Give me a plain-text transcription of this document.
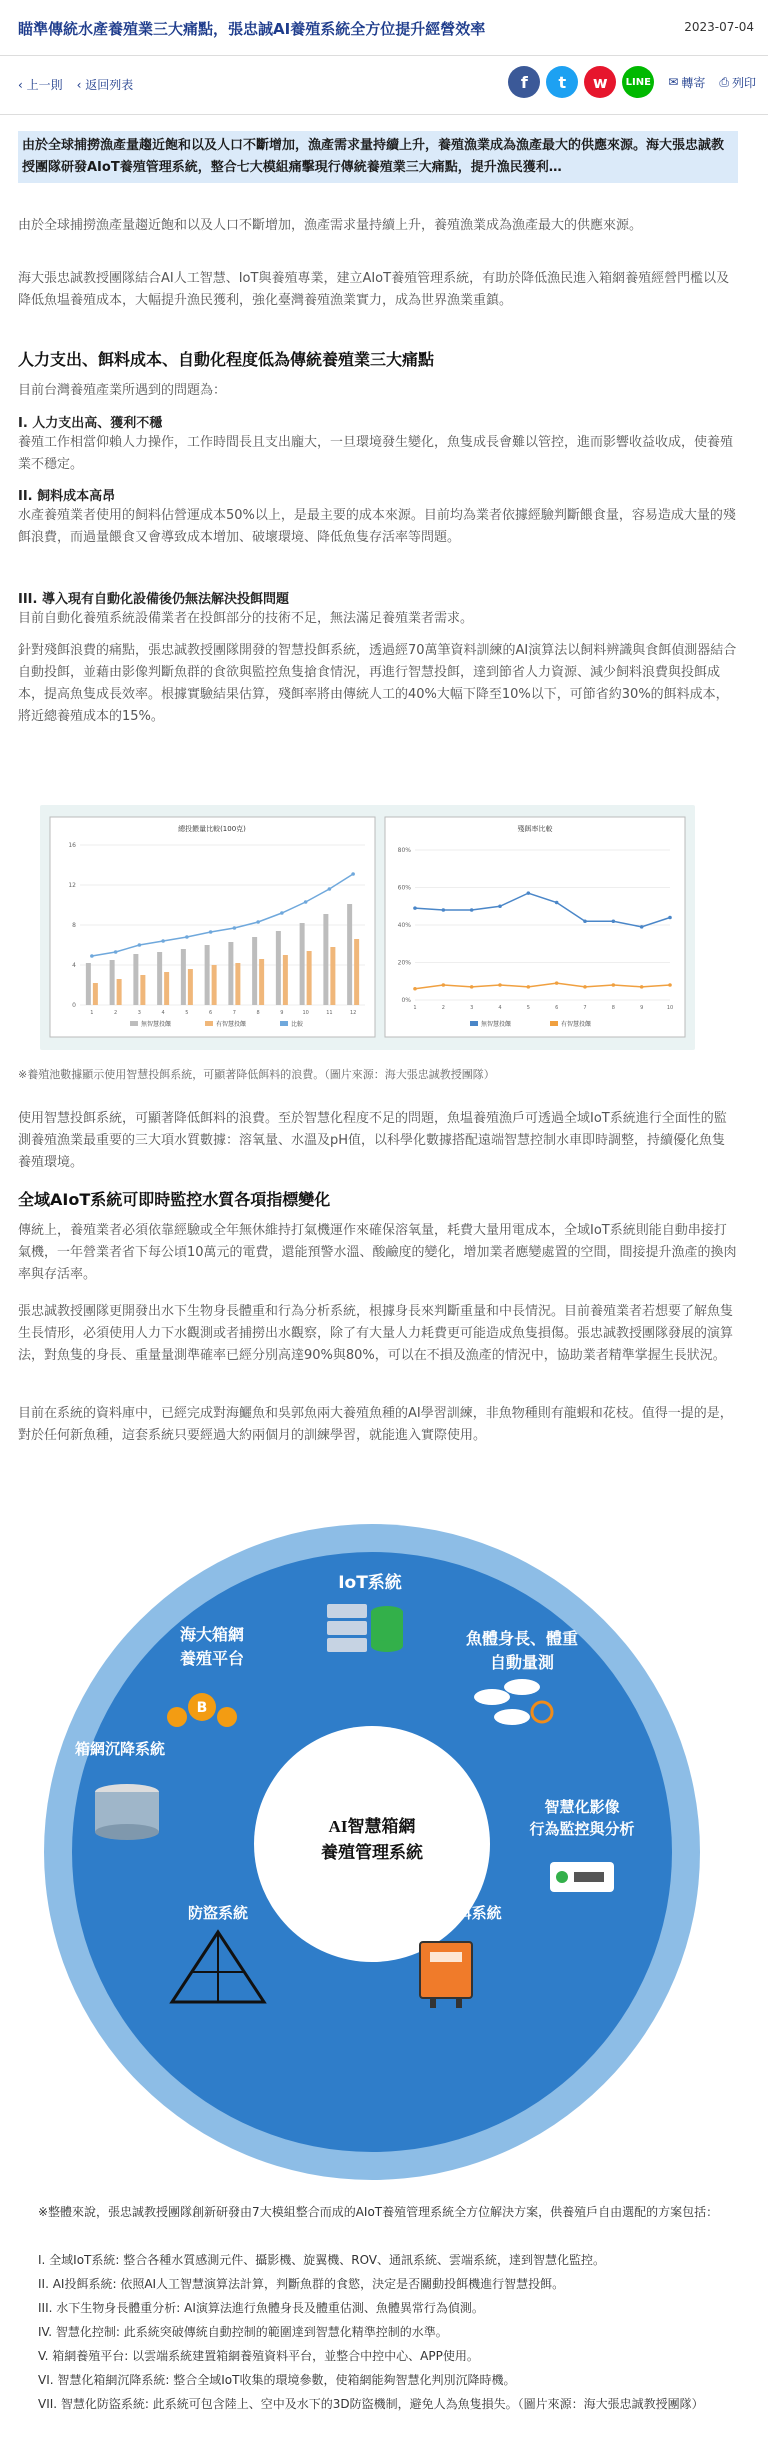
瞄準傳統水產養殖業三大痛點，張忠誠AI養殖系統全方位提升經營效率	2023-07-04
‹ 上一則 ‹ 返回列表	f	t	w	LINE ✉ 轉寄 ⎙ 列印
由於全球捕撈漁產量趨近飽和以及人口不斷增加，漁產需求量持續上升，養殖漁業成為漁產最大的供應來源。海大張忠誠教授團隊研發AIoT養殖管理系統，整合七大模組痛擊現行傳統養殖業三大痛點，提升漁民獲利…
由於全球捕撈漁產量趨近飽和以及人口不斷增加，漁產需求量持續上升，養殖漁業成為漁產最大的供應來源。
海大張忠誠教授團隊結合AI人工智慧、IoT與養殖專業，建立AIoT養殖管理系統，有助於降低漁民進入箱網養殖經營門檻以及降低魚塭養殖成本，大幅提升漁民獲利，強化臺灣養殖漁業實力，成為世界漁業重鎮。
人力支出、餌料成本、自動化程度低為傳統養殖業三大痛點
目前台灣養殖產業所遇到的問題為：
I. 人力支出高、獲利不穩
養殖工作相當仰賴人力操作，工作時間長且支出龐大，一旦環境發生變化，魚隻成長會難以管控，進而影響收益收成，使養殖業不穩定。
II. 飼料成本高昂
水產養殖業者使用的飼料佔營運成本50%以上，是最主要的成本來源。目前均為業者依據經驗判斷餵食量，容易造成大量的殘餌浪費，而過量餵食又會導致成本增加、破壞環境、降低魚隻存活率等問題。
III. 導入現有自動化設備後仍無法解決投餌問題
目前自動化養殖系統設備業者在投餌部分的技術不足，無法滿足養殖業者需求。
針對殘餌浪費的痛點，張忠誠教授團隊開發的智慧投餌系統，透過經70萬筆資料訓練的AI演算法以飼料辨識與食餌偵測器結合自動投餌，並藉由影像判斷魚群的食欲與監控魚隻搶食情況，再進行智慧投餌，達到節省人力資源、減少飼料浪費與投餌成本，提高魚隻成長效率。根據實驗結果估算，殘餌率將由傳統人工的40%大幅下降至10%以下，可節省約30%的餌料成本，將近總養殖成本的15%。
總投餵量比較(100克)	殘餌率比較
0
4
8
12
16
1	2	3	4	5	6	7	8	9	10	11	12
無智慧投餵	有智慧投餵	比較
0%
20%
40%
60%
80%
1	2	3	4	5	6	7	8	9	10
無智慧投餵	有智慧投餵
※養殖池數據顯示使用智慧投餌系統，可顯著降低餌料的浪費。（圖片來源：海大張忠誠教授團隊）
使用智慧投餌系統，可顯著降低餌料的浪費。至於智慧化程度不足的問題，魚塭養殖漁戶可透過全域IoT系統進行全面性的監測養殖漁業最重要的三大項水質數據：溶氧量、水溫及pH值，以科學化數據搭配遠端智慧控制水車即時調整，持續優化魚隻養殖環境。
全域AIoT系統可即時監控水質各項指標變化
傳統上，養殖業者必須依靠經驗或全年無休維持打氣機運作來確保溶氧量，耗費大量用電成本，全域IoT系統則能自動串接打氣機，一年營業者省下每公頃10萬元的電費，還能預警水溫、酸鹼度的變化，增加業者應變處置的空間，間接提升漁產的換肉率與存活率。
張忠誠教授團隊更開發出水下生物身長體重和行為分析系統，根據身長來判斷重量和中長情況。目前養殖業者若想要了解魚隻生長情形，必須使用人力下水觀測或者捕撈出水觀察，除了有大量人力耗費更可能造成魚隻損傷。張忠誠教授團隊發展的演算法，對魚隻的身長、重量量測準確率已經分別高達90%與80%，可以在不損及漁產的情況中，協助業者精準掌握生長狀況。
目前在系統的資料庫中，已經完成對海鱺魚和吳郭魚兩大養殖魚種的AI學習訓練，非魚物種則有龍蝦和花枝。值得一提的是，對於任何新魚種，這套系統只要經過大約兩個月的訓練學習，就能進入實際使用。
AI智慧箱網
養殖管理系統
IoT系統
魚體身長、體重
自動量測
海大箱網
養殖平台
B
箱網沉降系統
智慧化影像
行為監控與分析
防盜系統	AI智慧投餌系統
※整體來說，張忠誠教授團隊創新研發由7大模組整合而成的AIoT養殖管理系統全方位解決方案，供養殖戶自由選配的方案包括：
I. 全域IoT系統: 整合各種水質感測元件、攝影機、旋翼機、ROV、通訊系統、雲端系統，達到智慧化監控。
II. AI投餌系統: 依照AI人工智慧演算法計算，判斷魚群的食慾，決定是否關動投餌機進行智慧投餌。
III. 水下生物身長體重分析: AI演算法進行魚體身長及體重估測、魚體異常行為偵測。
IV. 智慧化控制: 此系統突破傳統自動控制的範圍達到智慧化精準控制的水準。
V. 箱網養殖平台: 以雲端系統建置箱網養殖資料平台，並整合中控中心、APP使用。
VI. 智慧化箱網沉降系統: 整合全域IoT收集的環境參數，使箱網能夠智慧化判別沉降時機。
VII. 智慧化防盜系統: 此系統可包含陸上、空中及水下的3D防盜機制，避免人為魚隻損失。（圖片來源：海大張忠誠教授團隊）
